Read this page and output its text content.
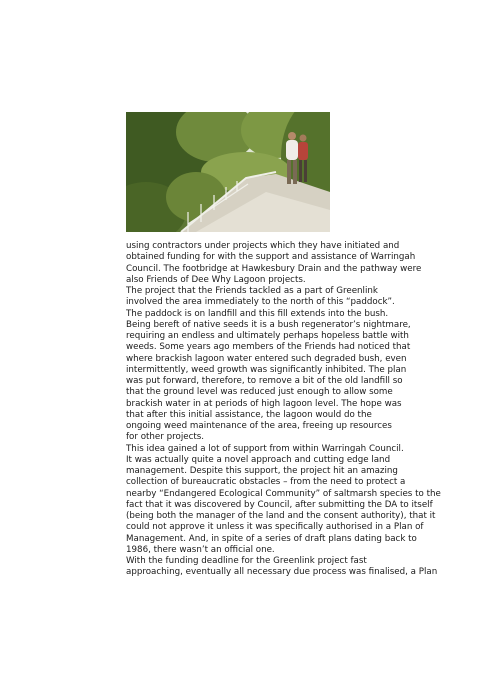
using contractors under projects which they have initiated and
obtained funding for with the support and assistance of Warringah
Council. The footbridge at Hawkesbury Drain and the pathway were
also Friends of Dee Why Lagoon projects.
The project that the Friends tackled as a part of Greenlink
involved the area immediately to the north of this “paddock”.
The paddock is on landfill and this fill extends into the bush.
Being bereft of native seeds it is a bush regenerator’s nightmare,
requiring an endless and ultimately perhaps hopeless battle with
weeds. Some years ago members of the Friends had noticed that
where brackish lagoon water entered such degraded bush, even
intermittently, weed growth was significantly inhibited. The plan
was put forward, therefore, to remove a bit of the old landfill so
that the ground level was reduced just enough to allow some
brackish water in at periods of high lagoon level. The hope was
that after this initial assistance, the lagoon would do the
ongoing weed maintenance of the area, freeing up resources
for other projects.
This idea gained a lot of support from within Warringah Council.
It was actually quite a novel approach and cutting edge land
management. Despite this support, the project hit an amazing
collection of bureaucratic obstacles – from the need to protect a
nearby “Endangered Ecological Community” of saltmarsh species to the
fact that it was discovered by Council, after submitting the DA to itself
(being both the manager of the land and the consent authority), that it
could not approve it unless it was specifically authorised in a Plan of
Management. And, in spite of a series of draft plans dating back to
1986, there wasn’t an official one.
With the funding deadline for the Greenlink project fast
approaching, eventually all necessary due process was finalised, a Plan
